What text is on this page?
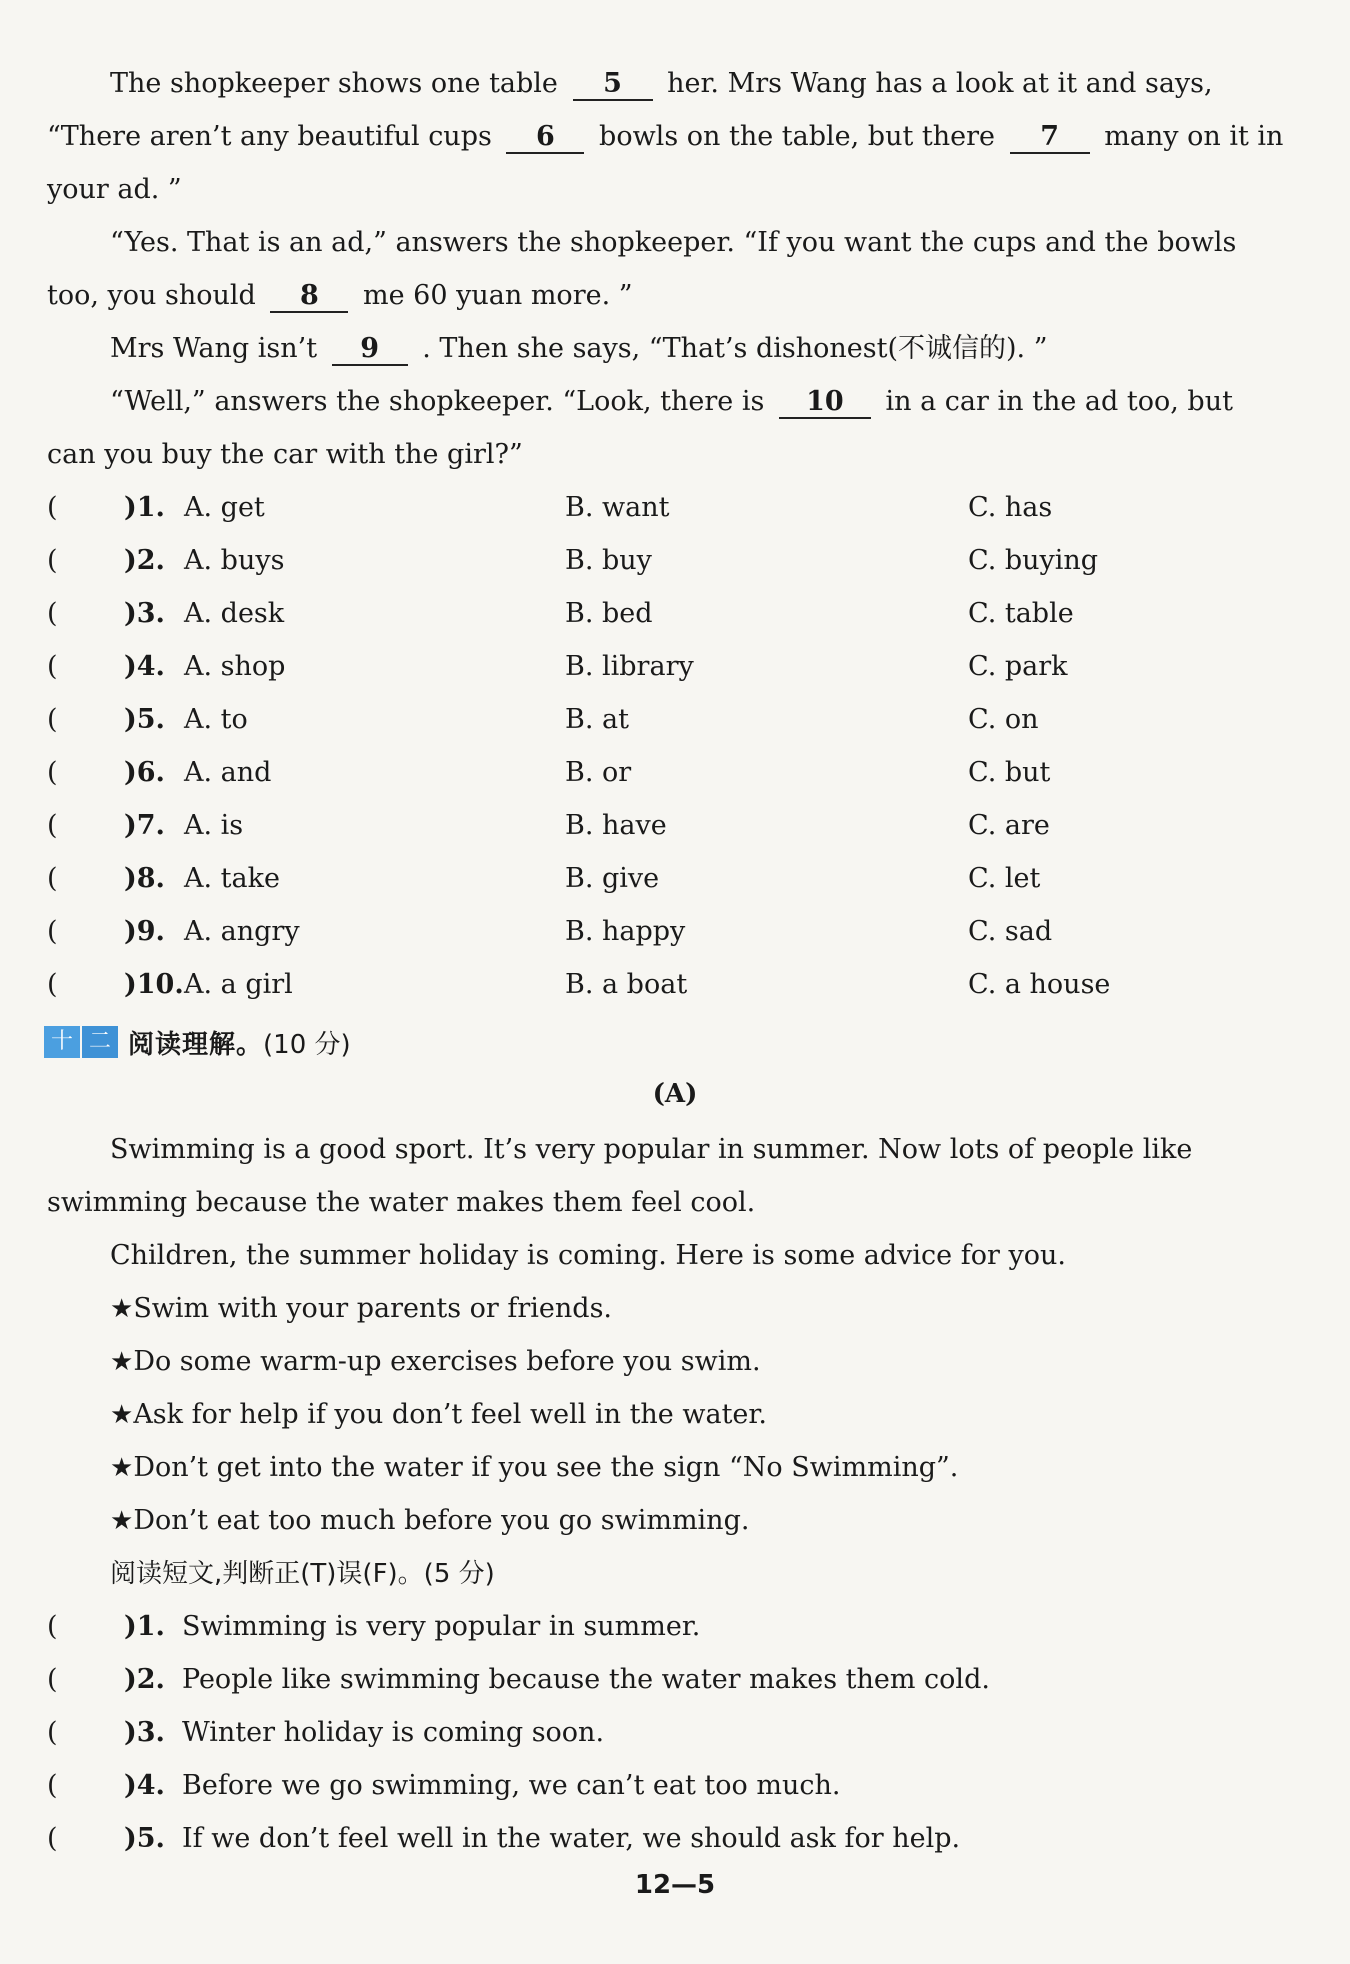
The shopkeeper shows one table 5 her. Mrs Wang has a look at it and says,
“There aren’t any beautiful cups 6 bowls on the table, but there 7 many on it in
your ad. ”
“Yes. That is an ad,” answers the shopkeeper. “If you want the cups and the bowls
too, you should 8 me 60 yuan more. ”
Mrs Wang isn’t 9 . Then she says, “That’s dishonest(不诚信的). ”
“Well,” answers the shopkeeper. “Look, there is 10 in a car in the ad too, but
can you buy the car with the girl?”
( )1. A. get	B. want	C. has
( )2. A. buys	B. buy	C. buying
( )3. A. desk	B. bed	C. table
( )4. A. shop	B. library	C. park
( )5. A. to	B. at	C. on
( )6. A. and	B. or	C. but
( )7. A. is	B. have	C. are
( )8. A. take	B. give	C. let
( )9. A. angry	B. happy	C. sad
( )10. A. a girl	B. a boat	C. a house
十 二 阅读理解。 (10 分)
(A)
Swimming is a good sport. It’s very popular in summer. Now lots of people like
swimming because the water makes them feel cool.
Children, the summer holiday is coming. Here is some advice for you.
★Swim with your parents or friends.
★Do some warm-up exercises before you swim.
★Ask for help if you don’t feel well in the water.
★Don’t get into the water if you see the sign “No Swimming”.
★Don’t eat too much before you go swimming.
阅读短文,判断正(T)误(F)。(5 分)
( )1. Swimming is very popular in summer.
( )2. People like swimming because the water makes them cold.
( )3. Winter holiday is coming soon.
( )4. Before we go swimming, we can’t eat too much.
( )5. If we don’t feel well in the water, we should ask for help.
12—5
